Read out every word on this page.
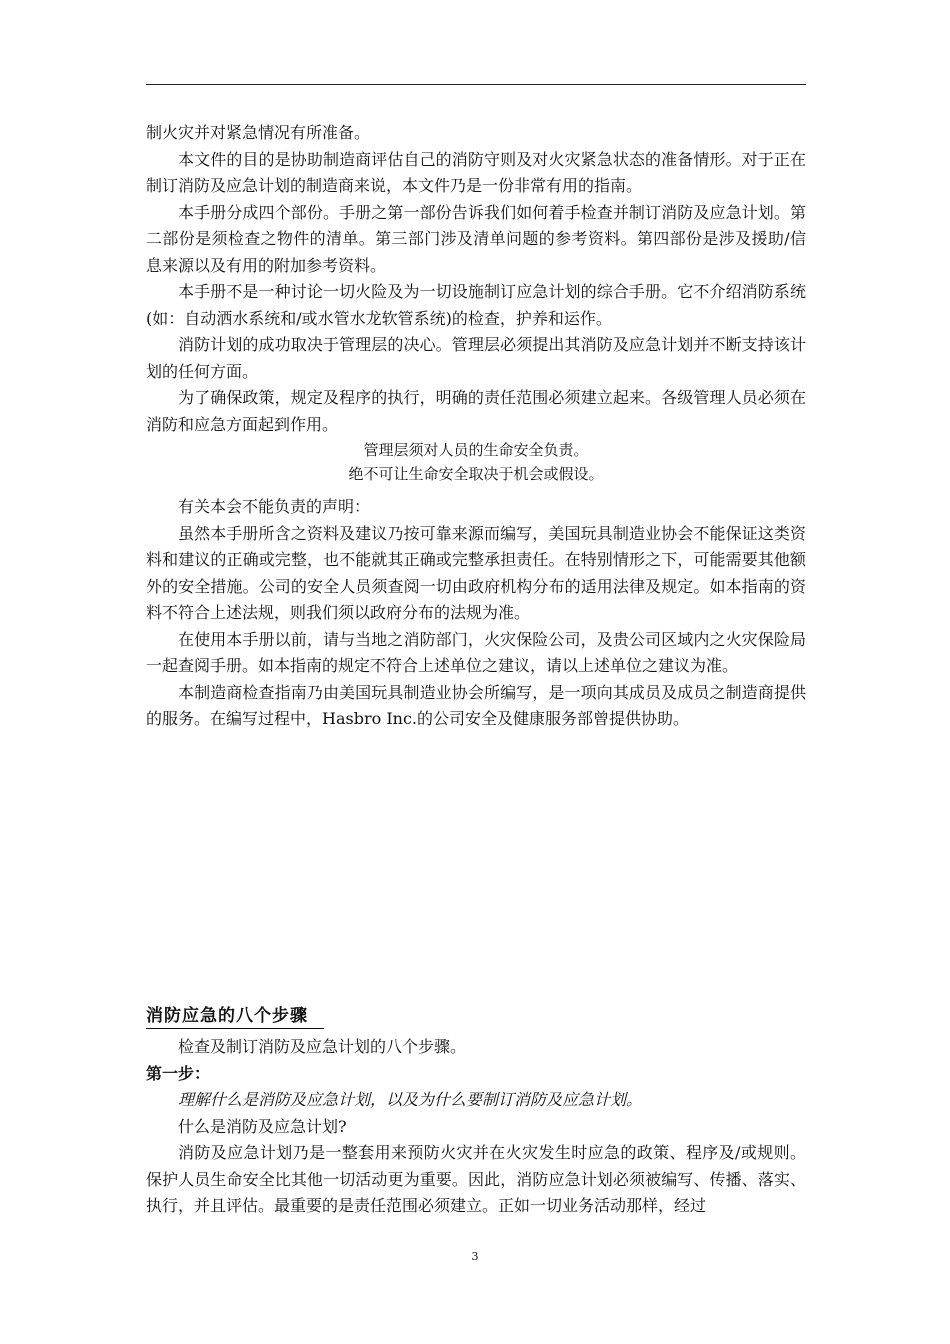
制火灾并对紧急情况有所准备。

本文件的目的是协助制造商评估自己的消防守则及对火灾紧急状态的准备情形。对于正在制订消防及应急计划的制造商来说，本文件乃是一份非常有用的指南。

本手册分成四个部份。手册之第一部份告诉我们如何着手检查并制订消防及应急计划。第二部份是须检查之物件的清单。第三部门涉及清单问题的参考资料。第四部份是涉及援助/信息来源以及有用的附加参考资料。

本手册不是一种讨论一切火险及为一切设施制订应急计划的综合手册。它不介绍消防系统(如：自动洒水系统和/或水管水龙软管系统)的检查，护养和运作。

消防计划的成功取决于管理层的决心。管理层必须提出其消防及应急计划并不断支持该计划的任何方面。

为了确保政策，规定及程序的执行，明确的责任范围必须建立起来。各级管理人员必须在消防和应急方面起到作用。

管理层须对人员的生命安全负责。

绝不可让生命安全取决于机会或假设。

有关本会不能负责的声明：

虽然本手册所含之资料及建议乃按可靠来源而编写，美国玩具制造业协会不能保证这类资料和建议的正确或完整，也不能就其正确或完整承担责任。在特别情形之下，可能需要其他额外的安全措施。公司的安全人员须查阅一切由政府机构分布的适用法律及规定。如本指南的资料不符合上述法规，则我们须以政府分布的法规为准。

在使用本手册以前，请与当地之消防部门，火灾保险公司，及贵公司区域内之火灾保险局一起查阅手册。如本指南的规定不符合上述单位之建议，请以上述单位之建议为准。

本制造商检查指南乃由美国玩具制造业协会所编写，是一项向其成员及成员之制造商提供的服务。在编写过程中，Hasbro Inc.的公司安全及健康服务部曾提供协助。

消防应急的八个步骤

检查及制订消防及应急计划的八个步骤。

第一步：

理解什么是消防及应急计划，以及为什么要制订消防及应急计划。

什么是消防及应急计划?

消防及应急计划乃是一整套用来预防火灾并在火灾发生时应急的政策、程序及/或规则。保护人员生命安全比其他一切活动更为重要。因此，消防应急计划必须被编写、传播、落实、执行，并且评估。最重要的是责任范围必须建立。正如一切业务活动那样，经过

3
